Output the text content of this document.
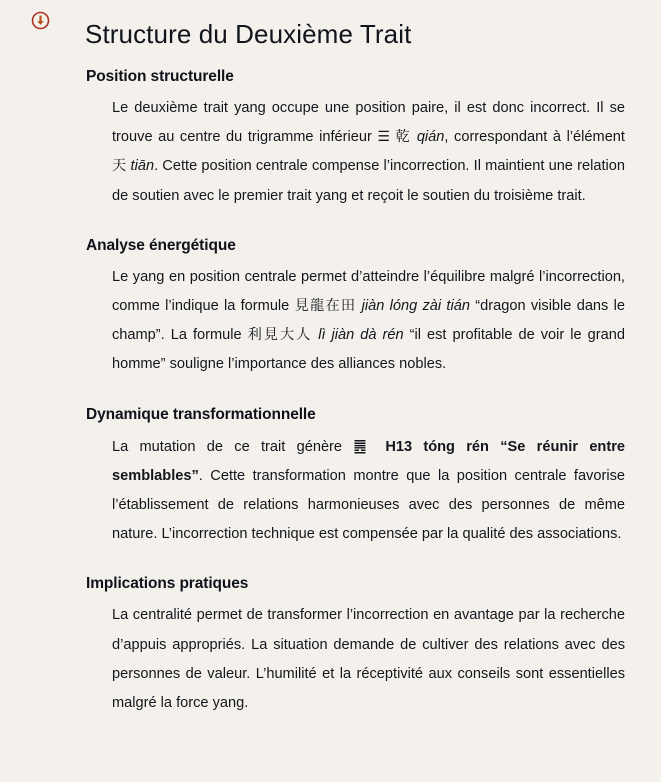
Structure du Deuxième Trait
Position structurelle

Le deuxième trait yang occupe une position paire, il est donc incorrect. Il se trouve au centre du trigramme inférieur ☰ 乾 qián, correspondant à l’élément 天 tiān. Cette position centrale compense l’incorrection. Il maintient une relation de soutien avec le premier trait yang et reçoit le soutien du troisième trait.

Analyse énergétique

Le yang en position centrale permet d’atteindre l’équilibre malgré l’incorrection, comme l’indique la formule 見龍在田 jiàn lóng zài tián “dragon visible dans le champ”. La formule 利見大人 lì jiàn dà rén “il est profitable de voir le grand homme” souligne l’importance des alliances nobles.

Dynamique transformationnelle

La mutation de ce trait génère ䷌ H13 tóng rén “Se réunir entre semblables”. Cette transformation montre que la position centrale favorise l’établissement de relations harmonieuses avec des personnes de même nature. L’incorrection technique est compensée par la qualité des associations.

Implications pratiques

La centralité permet de transformer l’incorrection en avantage par la recherche d’appuis appropriés. La situation demande de cultiver des relations avec des personnes de valeur. L’humilité et la réceptivité aux conseils sont essentielles malgré la force yang.
